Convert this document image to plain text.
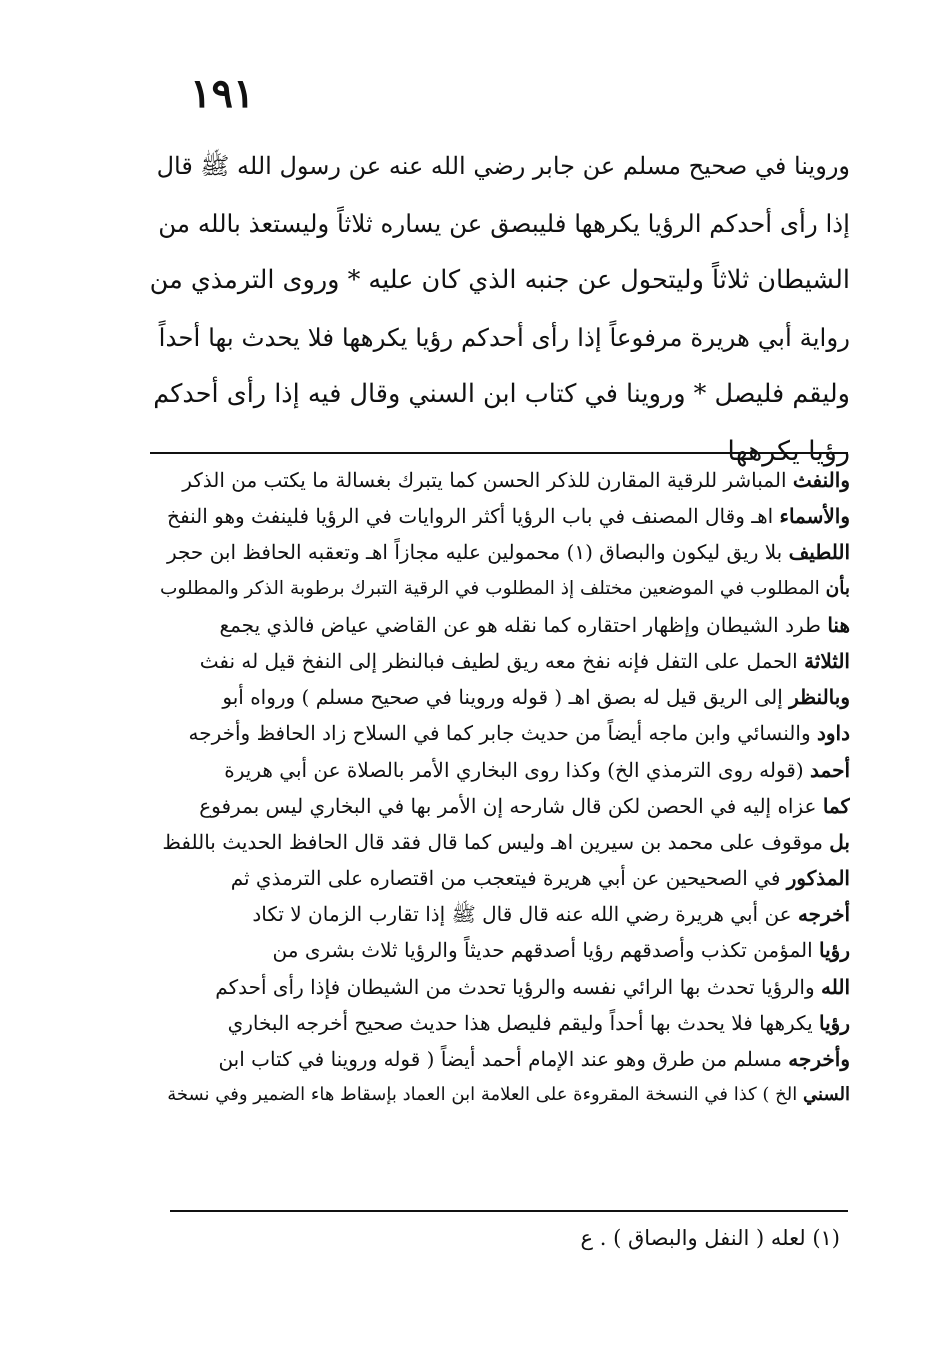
١٩١
وروينا في صحيح مسلم عن جابر رضي الله عنه عن رسول الله ﷺ قال
إذا رأى أحدكم الرؤيا يكرهها فليبصق عن يساره ثلاثاً وليستعذ بالله من
الشيطان ثلاثاً وليتحول عن جنبه الذي كان عليه * وروى الترمذي من
رواية أبي هريرة مرفوعاً إذا رأى أحدكم رؤيا يكرهها فلا يحدث بها أحداً
وليقم فليصل * وروينا في كتاب ابن السني وقال فيه إذا رأى أحدكم
رؤيا يكرهها
والنفث المباشر للرقية المقارن للذكر الحسن كما يتبرك بغسالة ما يكتب من الذكر
والأسماء اهـ وقال المصنف في باب الرؤيا أكثر الروايات في الرؤيا فلينفث وهو النفخ
اللطيف بلا ريق ليكون والبصاق (١) محمولين عليه مجازاً اهـ وتعقبه الحافظ ابن حجر
بأن المطلوب في الموضعين مختلف إذ المطلوب في الرقية التبرك برطوبة الذكر والمطلوب
هنا طرد الشيطان وإظهار احتقاره كما نقله هو عن القاضي عياض فالذي يجمع
الثلاثة الحمل على التفل فإنه نفخ معه ريق لطيف فبالنظر إلى النفخ قيل له نفث
وبالنظر إلى الريق قيل له بصق اهـ ( قوله وروينا في صحيح مسلم ) ورواه أبو
داود والنسائي وابن ماجه أيضاً من حديث جابر كما في السلاح زاد الحافظ وأخرجه
أحمد (قوله روى الترمذي الخ) وكذا روى البخاري الأمر بالصلاة عن أبي هريرة
كما عزاه إليه في الحصن لكن قال شارحه إن الأمر بها في البخاري ليس بمرفوع
بل موقوف على محمد بن سيرين اهـ وليس كما قال فقد قال الحافظ الحديث باللفظ
المذكور في الصحيحين عن أبي هريرة فيتعجب من اقتصاره على الترمذي ثم
أخرجه عن أبي هريرة رضي الله عنه قال قال ﷺ إذا تقارب الزمان لا تكاد
رؤيا المؤمن تكذب وأصدقهم رؤيا أصدقهم حديثاً والرؤيا ثلاث بشرى من
الله والرؤيا تحدث بها الرائي نفسه والرؤيا تحدث من الشيطان فإذا رأى أحدكم
رؤيا يكرهها فلا يحدث بها أحداً وليقم فليصل هذا حديث صحيح أخرجه البخاري
وأخرجه مسلم من طرق وهو عند الإمام أحمد أيضاً ( قوله وروينا في كتاب ابن
السني الخ ) كذا في النسخة المقروءة على العلامة ابن العماد بإسقاط هاء الضمير وفي نسخة
(١) لعله ( النفل والبصاق ) . ع
